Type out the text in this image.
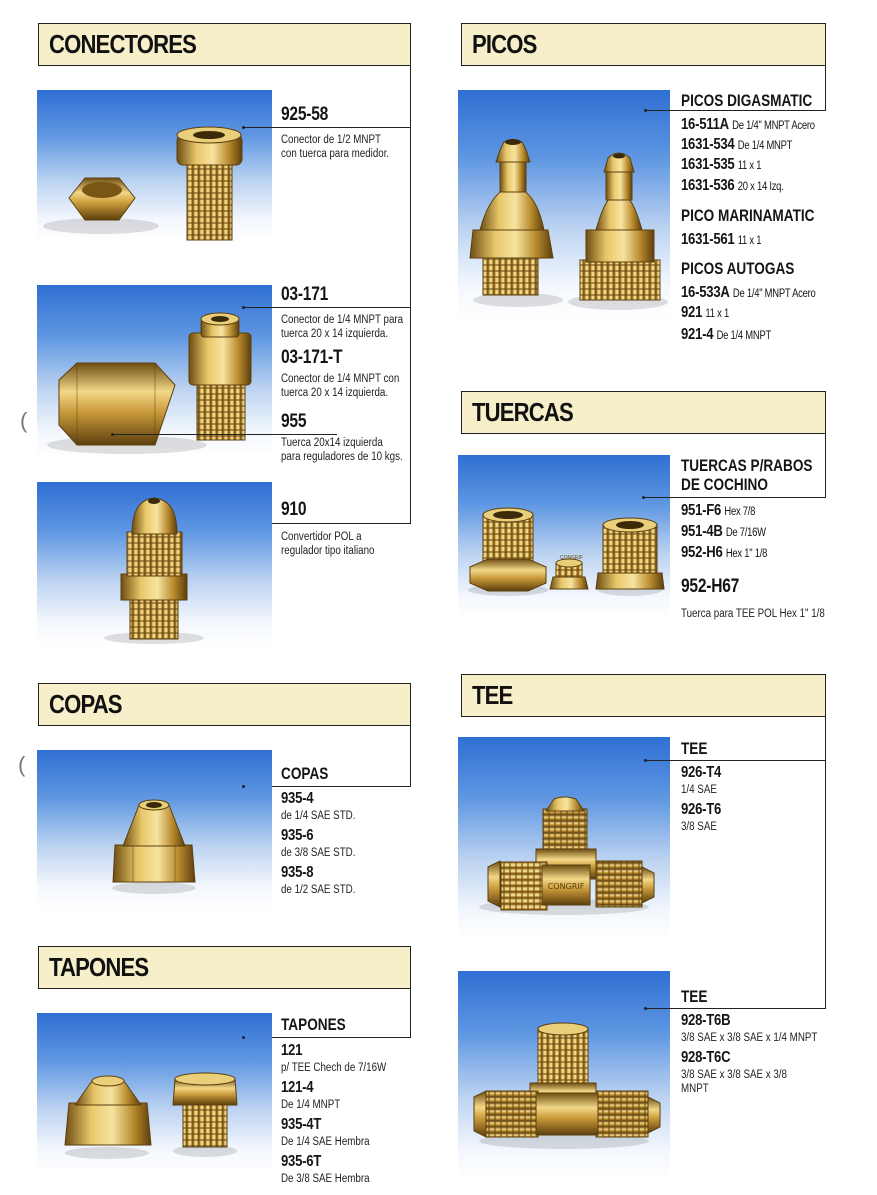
CONECTORES
925-58
Conector de 1/2 MNPT
con tuerca para medidor.
(
03-171
Conector de 1/4 MNPT para
tuerca 20 x 14 izquierda.
03-171-T
Conector de 1/4 MNPT con
tuerca 20 x 14 izquierda.
955
Tuerca 20x14 izquierda
para reguladores de 10 kgs.
910
Convertidor POL a
regulador tipo italiano
PICOS
PICOS DIGASMATIC
16-511A De 1/4" MNPT Acero
1631-534 De 1/4 MNPT
1631-535 11 x 1
1631-536 20 x 14 Izq.
PICO MARINAMATIC
1631-561 11 x 1
PICOS AUTOGAS
16-533A De 1/4" MNPT Acero
921 11 x 1
921-4 De 1/4 MNPT
TUERCAS
TUERCAS P/RABOS
DE COCHINO
951-F6 Hex 7/8
951-4B De 7/16W
952-H6 Hex 1" 1/8
952-H67
Tuerca para TEE POL Hex 1" 1/8
COPAS
(	COPAS
935-4
de 1/4 SAE STD.
935-6
de 3/8 SAE STD.
935-8
de 1/2 SAE STD.
TAPONES
TAPONES
121
p/ TEE Chech de 7/16W
121-4
De 1/4 MNPT
935-4T
De 1/4 SAE Hembra
935-6T
De 3/8 SAE Hembra
TEE
CONGRIF
TEE
926-T4
1/4 SAE
926-T6
3/8 SAE
TEE
928-T6B
3/8 SAE x 3/8 SAE x 1/4 MNPT
928-T6C
3/8 SAE x 3/8 SAE x 3/8
MNPT
CONGRIF
